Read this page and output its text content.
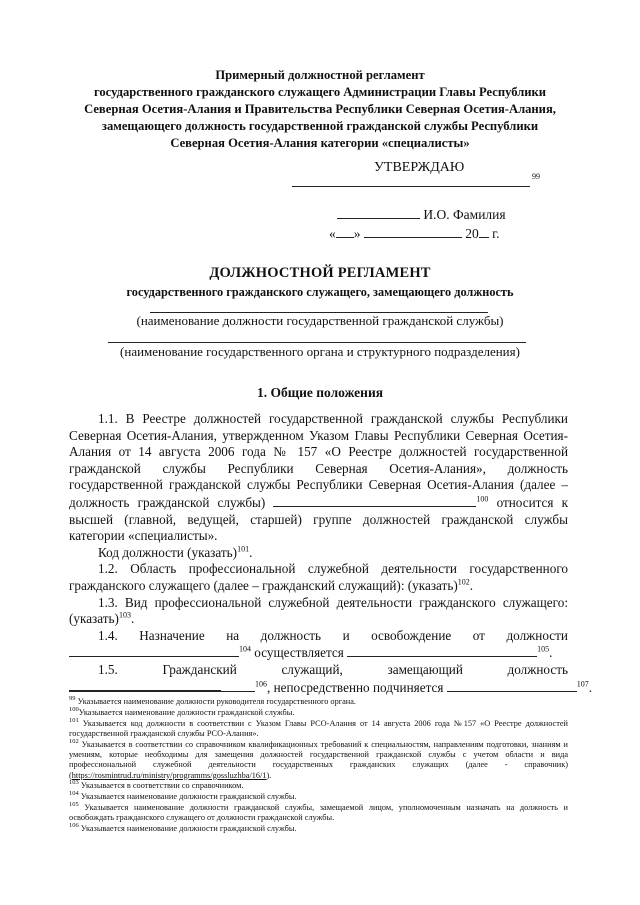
Примерный должностной регламент
государственного гражданского служащего Администрации Главы Республики
Северная Осетия-Алания и Правительства Республики Северная Осетия-Алания,
замещающего должность государственной гражданской службы Республики
Северная Осетия-Алания категории «специалисты»
УТВЕРЖДАЮ
99
И.О. Фамилия
« »	20 г.
ДОЛЖНОСТНОЙ РЕГЛАМЕНТ
государственного гражданского служащего, замещающего должность
(наименование должности государственной гражданской службы)
(наименование государственного органа и структурного подразделения)
1. Общие положения

1.1. В Реестре должностей государственной гражданской службы Республики Северная Осетия-Алания, утвержденном Указом Главы Республики Северная Осетия-Алания от 14 августа 2006 года № 157 «О Реестре должностей государственной гражданской службы Республики Северная Осетия-Алания», должность государственной гражданской службы Республики Северная Осетия-Алания (далее – должность гражданской службы)	$^{100}$ относится к высшей (главной, ведущей, старшей) группе должностей гражданской службы категории «специалисты».

Код должности (указать)$^{101}$.

1.2. Область профессиональной служебной деятельности государственного гражданского служащего (далее – гражданский служащий): (указать)$^{102}$.

1.3. Вид профессиональной служебной деятельности гражданского служащего: (указать)$^{103}$.

1.4. Назначение на должность и освобождение от должности
$^{104}$ осуществляется	$^{105}$.
1.5.	Гражданский	служащий,	замещающий	должность
$^{106}$, непосредственно подчиняется	$^{107}$.

$^{99}$ Указывается наименование должности руководителя государственного органа.

$^{100}$Указывается наименование должности гражданской службы.

$^{101}$ Указывается код должности в соответствии с Указом Главы РСО-Алания от 14 августа 2006 года №157 «О Реестре должностей государственной гражданской службы РСО-Алания».

$^{102}$ Указывается в соответствии со справочником квалификационных требований к специальностям, направлениям подготовки, знаниям и умениям, которые необходимы для замещения должностей государственной гражданской службы с учетом области и вида профессиональной служебной деятельности государственных гражданских служащих (далее - справочник) (https://rosmintrud.ru/ministry/programms/gossluzhba/16/1).

$^{103}$ Указывается в соответствии со справочником.

$^{104}$ Указывается наименование должности гражданской службы.

$^{105}$ Указывается наименование должности гражданской службы, замещаемой лицом, уполномоченным назначать на должность и освобождать гражданского служащего от должности гражданской службы.

$^{106}$ Указывается наименование должности гражданской службы.
